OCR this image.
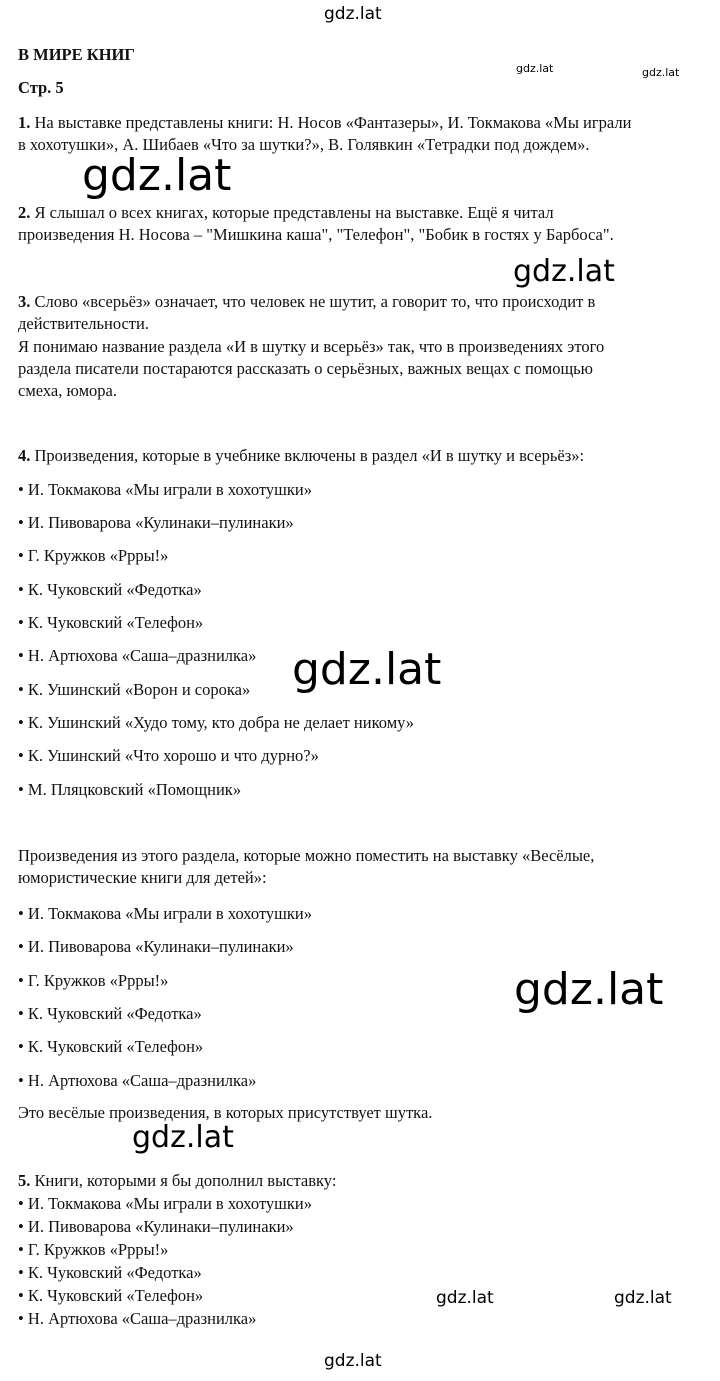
gdz.lat
gdz.lat	gdz.lat
gdz.lat
gdz.lat
gdz.lat	gdz.lat
gdz.lat
В МИРЕ КНИГ
Стр. 5
1. На выставке представлены книги: Н. Носов «Фантазеры», И. Токмакова «Мы играли
в хохотушки», А. Шибаев «Что за шутки?», В. Голявкин «Тетрадки под дождем».
2. Я слышал о всех книгах, которые представлены на выставке. Ещё я читал
произведения Н. Носова – "Мишкина каша", "Телефон", "Бобик в гостях у Барбоса".
3. Слово «всерьёз» означает, что человек не шутит, а говорит то, что происходит в
действительности.
Я понимаю название раздела «И в шутку и всерьёз» так, что в произведениях этого
раздела писатели постараются рассказать о серьёзных, важных вещах с помощью
смеха, юмора.
4. Произведения, которые в учебнике включены в раздел «И в шутку и всерьёз»:
• И. Токмакова «Мы играли в хохотушки»
• И. Пивоварова «Кулинаки–пулинаки»
• Г. Кружков «Ррры!»
• К. Чуковский «Федотка»
• К. Чуковский «Телефон»
• Н. Артюхова «Саша–дразнилка»
• К. Ушинский «Ворон и сорока»
• К. Ушинский «Худо тому, кто добра не делает никому»
• К. Ушинский «Что хорошо и что дурно?»
• М. Пляцковский «Помощник»
Произведения из этого раздела, которые можно поместить на выставку «Весёлые,
юмористические книги для детей»:
• И. Токмакова «Мы играли в хохотушки»
• И. Пивоварова «Кулинаки–пулинаки»
• Г. Кружков «Ррры!»
• К. Чуковский «Федотка»
• К. Чуковский «Телефон»
• Н. Артюхова «Саша–дразнилка»
Это весёлые произведения, в которых присутствует шутка.
5. Книги, которыми я бы дополнил выставку:
• И. Токмакова «Мы играли в хохотушки»
• И. Пивоварова «Кулинаки–пулинаки»
• Г. Кружков «Ррры!»
• К. Чуковский «Федотка»
• К. Чуковский «Телефон»
• Н. Артюхова «Саша–дразнилка»
gdz.lat
gdz.lat
gdz.lat
